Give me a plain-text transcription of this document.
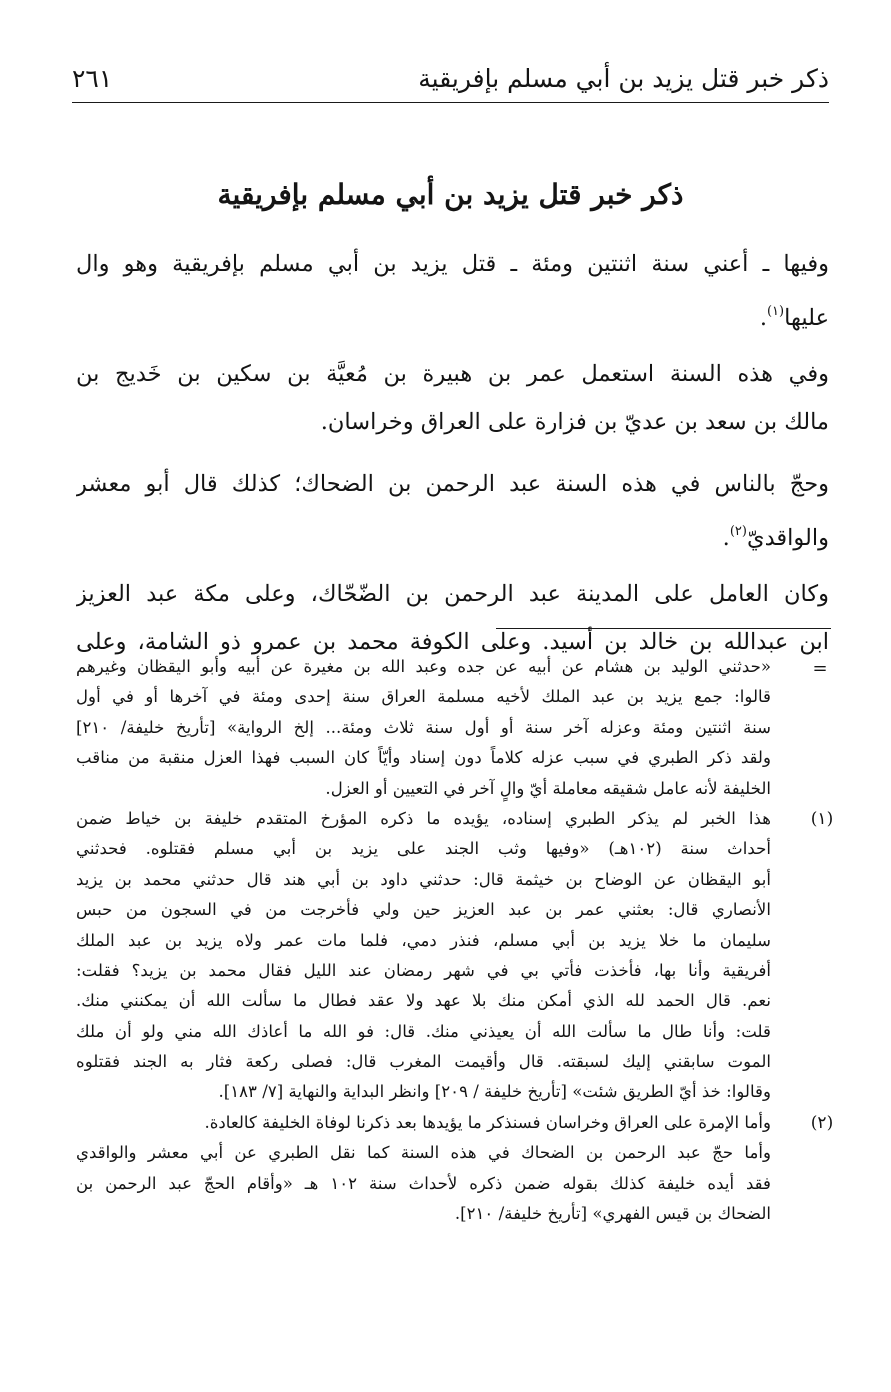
ذكر خبر قتل يزيد بن أبي مسلم بإفريقية
٢٦١
ذكر خبر قتل يزيد بن أبي مسلم بإفريقية
وفيها ـ أعني سنة اثنتين ومئة ـ قتل يزيد بن أبي مسلم بإفريقية وهو وال
عليها$^{(١)}$.
وفي هذه السنة استعمل عمر بن هبيرة بن مُعيَّة بن سكين بن خَديج بن
مالك بن سعد بن عديّ بن فزارة على العراق وخراسان.
وحجّ بالناس في هذه السنة عبد الرحمن بن الضحاك؛ كذلك قال أبو معشر
والواقديّ$^{(٢)}$.
وكان العامل على المدينة عبد الرحمن بن الضّحّاك، وعلى مكة عبد العزيز
ابن عبدالله بن خالد بن أسيد. وعلى الكوفة محمد بن عمرو ذو الشامة، وعلى
=
«حدثني الوليد بن هشام عن أبيه عن جده وعبد الله بن مغيرة عن أبيه وأبو اليقظان وغيرهم
قالوا: جمع يزيد بن عبد الملك لأخيه مسلمة العراق سنة إحدى ومئة في آخرها أو في أول
سنة اثنتين ومئة وعزله آخر سنة أو أول سنة ثلاث ومئة... إلخ الرواية» [تأريخ خليفة/ ٢١٠]
ولقد ذكر الطبري في سبب عزله كلاماً دون إسناد وأيّاً كان السبب فهذا العزل منقبة من مناقب
الخليفة لأنه عامل شقيقه معاملة أيّ والٍ آخر في التعيين أو العزل.
(١)
هذا الخبر لم يذكر الطبري إسناده، يؤيده ما ذكره المؤرخ المتقدم خليفة بن خياط ضمن
أحداث سنة (١٠٢هـ) «وفيها وثب الجند على يزيد بن أبي مسلم فقتلوه. فحدثني
أبو اليقظان عن الوضاح بن خيثمة قال: حدثني داود بن أبي هند قال حدثني محمد بن يزيد
الأنصاري قال: بعثني عمر بن عبد العزيز حين ولي فأخرجت من في السجون من حبس
سليمان ما خلا يزيد بن أبي مسلم، فنذر دمي، فلما مات عمر ولاه يزيد بن عبد الملك
أفريقية وأنا بها، فأخذت فأتي بي في شهر رمضان عند الليل فقال محمد بن يزيد؟ فقلت:
نعم. قال الحمد لله الذي أمكن منك بلا عهد ولا عقد فطال ما سألت الله أن يمكنني منك.
قلت: وأنا طال ما سألت الله أن يعيذني منك. قال: فو الله ما أعاذك الله مني ولو أن ملك
الموت سابقني إليك لسبقته. قال وأقيمت المغرب قال: فصلى ركعة فثار به الجند فقتلوه
وقالوا: خذ أيّ الطريق شئت» [تأريخ خليفة / ٢٠٩] وانظر البداية والنهاية [٧/ ١٨٣].
(٢)
وأما الإمرة على العراق وخراسان فسنذكر ما يؤيدها بعد ذكرنا لوفاة الخليفة كالعادة.
وأما حجّ عبد الرحمن بن الضحاك في هذه السنة كما نقل الطبري عن أبي معشر والواقدي
فقد أيده خليفة كذلك بقوله ضمن ذكره لأحداث سنة ١٠٢ هـ «وأقام الحجّ عبد الرحمن بن
الضحاك بن قيس الفهري» [تأريخ خليفة/ ٢١٠].
